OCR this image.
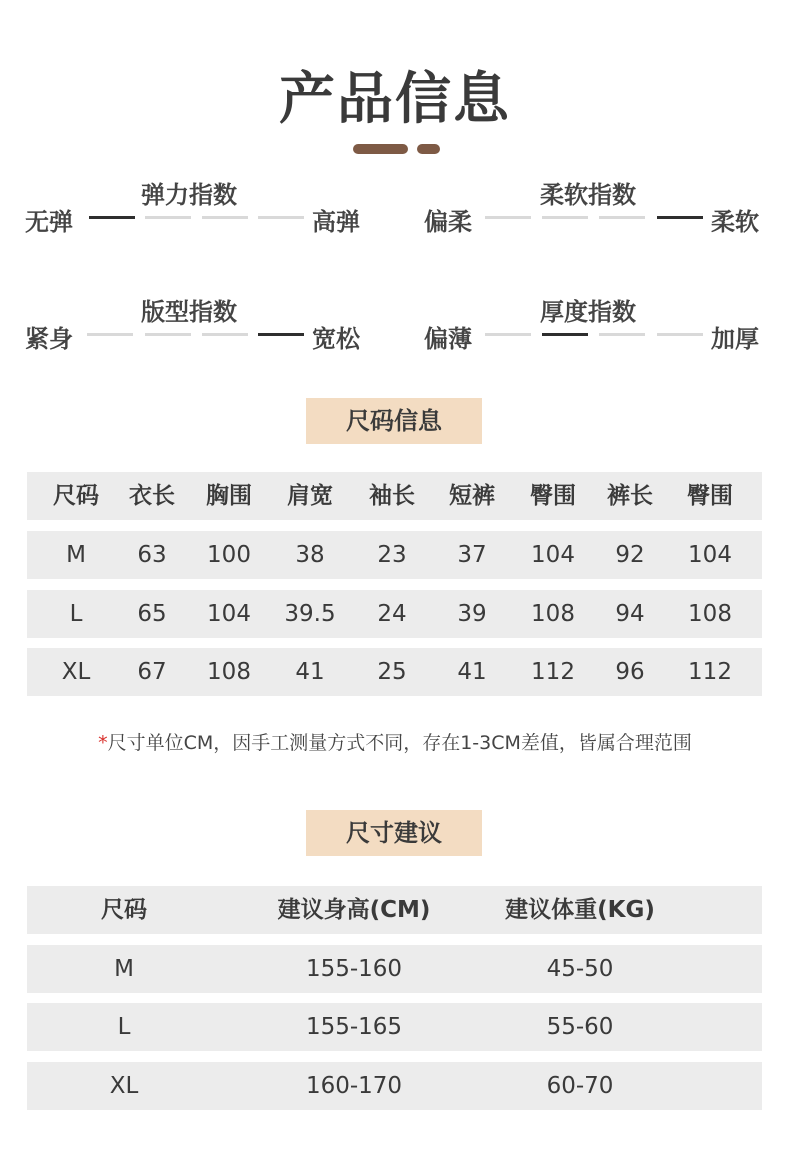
产品信息
弹力指数
无弹	高弹
柔软指数
偏柔	柔软
版型指数
紧身	宽松
厚度指数
偏薄	加厚
尺码信息
尺码	衣长	胸围	肩宽	袖长	短裤	臀围	裤长	臀围
M	63	100	38	23	37	104	92	104
L	65	104	39.5	24	39	108	94	108
XL	67	108	41	25	41	112	96	112
*尺寸单位CM，因手工测量方式不同，存在1-3CM差值，皆属合理范围
尺寸建议
尺码	建议身高(CM)	建议体重(KG)
M	155-160	45-50
L	155-165	55-60
XL	160-170	60-70
